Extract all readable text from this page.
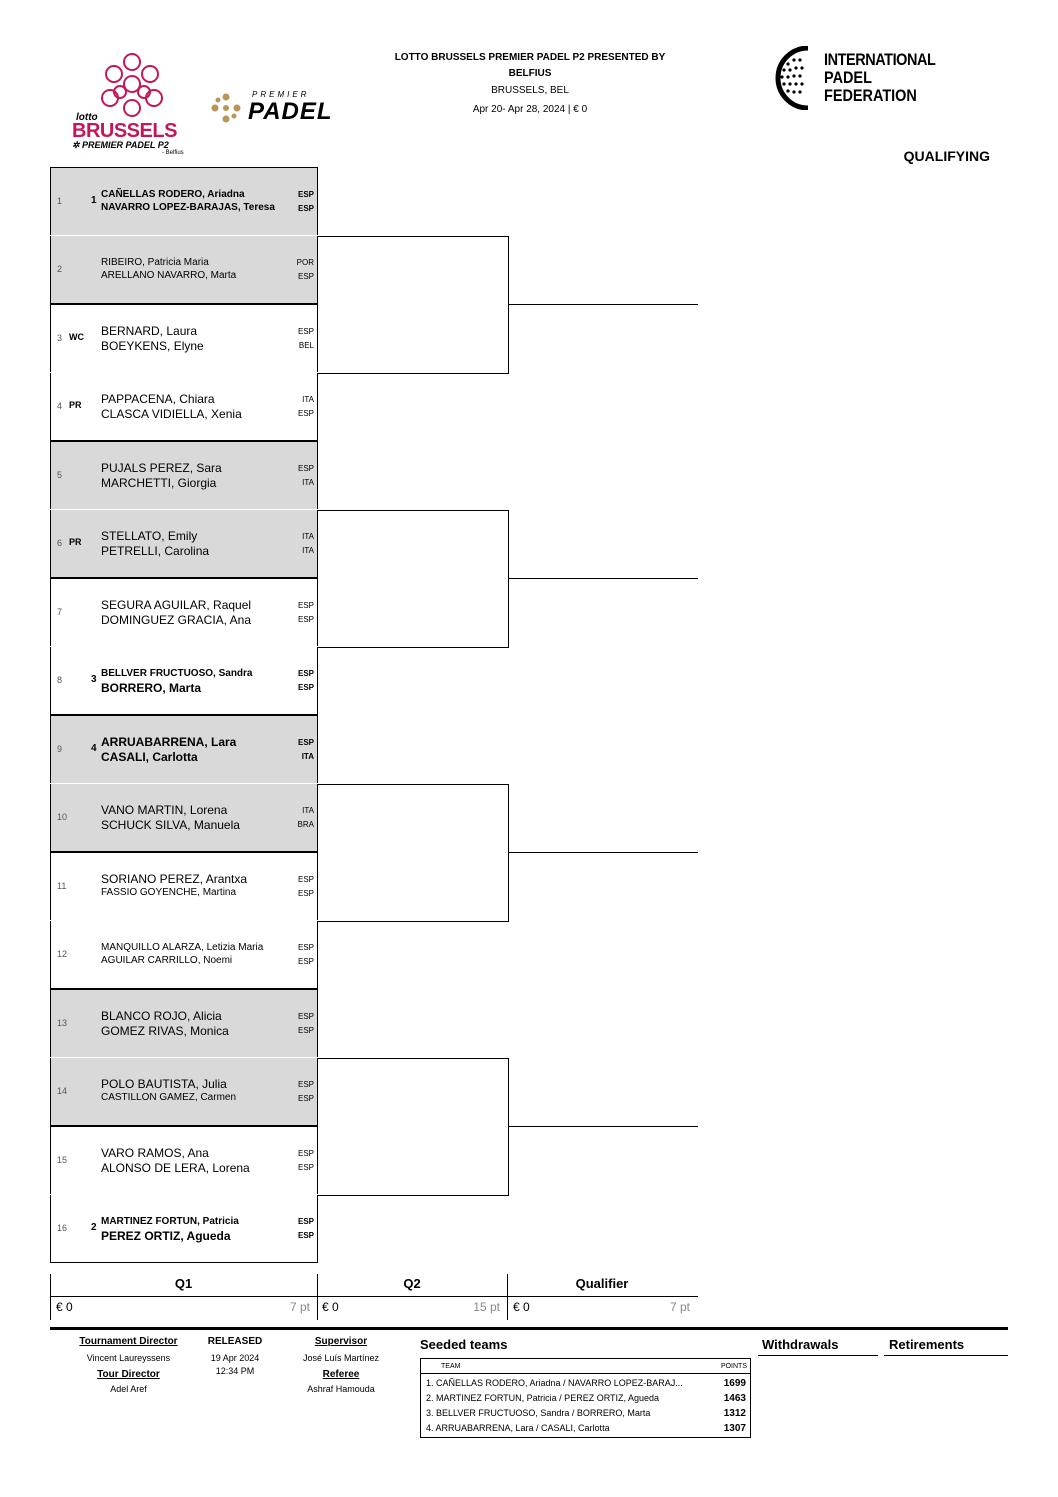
lotto
BRUSSELS
✲ PREMIER PADEL P2
- Belfius
PREMIER
PADEL
LOTTO BRUSSELS PREMIER PADEL P2 PRESENTED BY
BELFIUS
BRUSSELS, BEL
Apr 20- Apr 28, 2024 | € 0
INTERNATIONAL
PADEL
FEDERATION
QUALIFYING
1	1
CAÑELLAS RODERO, Ariadna	ESP
NAVARRO LOPEZ-BARAJAS, Teresa	ESP
2
RIBEIRO, Patricia Maria	POR
ARELLANO NAVARRO, Marta	ESP
3 WC BERNARD, Laura	ESP
BOEYKENS, Elyne	BEL
4 PR PAPPACENA, Chiara	ITA
CLASCA VIDIELLA, Xenia	ESP
5	PUJALS PEREZ, Sara	ESP
MARCHETTI, Giorgia	ITA
6 PR STELLATO, Emily	ITA
PETRELLI, Carolina	ITA
7	SEGURA AGUILAR, Raquel	ESP
DOMINGUEZ GRACIA, Ana	ESP
8	3
BELLVER FRUCTUOSO, Sandra	ESP
BORRERO, Marta	ESP
9	4 ARRUABARRENA, Lara	ESP
CASALI, Carlotta	ITA
10	VANO MARTIN, Lorena	ITA
SCHUCK SILVA, Manuela	BRA
11	SORIANO PEREZ, Arantxa	ESP
FASSIO GOYENCHE, Martina	ESP
12
MANQUILLO ALARZA, Letizia Maria	ESP
AGUILAR CARRILLO, Noemi	ESP
13	BLANCO ROJO, Alicia	ESP
GOMEZ RIVAS, Monica	ESP
14	POLO BAUTISTA, Julia	ESP
CASTILLON GAMEZ, Carmen	ESP
15	VARO RAMOS, Ana	ESP
ALONSO DE LERA, Lorena	ESP
16	2
MARTINEZ FORTUN, Patricia	ESP
PEREZ ORTIZ, Agueda	ESP
Q1	Q2	Qualifier
€ 0	7 pt € 0	15 pt € 0	7 pt
Tournament Director
Vincent Laureyssens
Tour Director
Adel Aref
RELEASED
19 Apr 2024
12:34 PM
Supervisor
José Luís Martínez
Referee
Ashraf Hamouda
Seeded teams
TEAM	POINTS
1. CAÑELLAS RODERO, Ariadna / NAVARRO LOPEZ-BARAJ...	1699
2. MARTINEZ FORTUN, Patricia / PEREZ ORTIZ, Agueda	1463
3. BELLVER FRUCTUOSO, Sandra / BORRERO, Marta	1312
4. ARRUABARRENA, Lara / CASALI, Carlotta	1307
Withdrawals	Retirements
